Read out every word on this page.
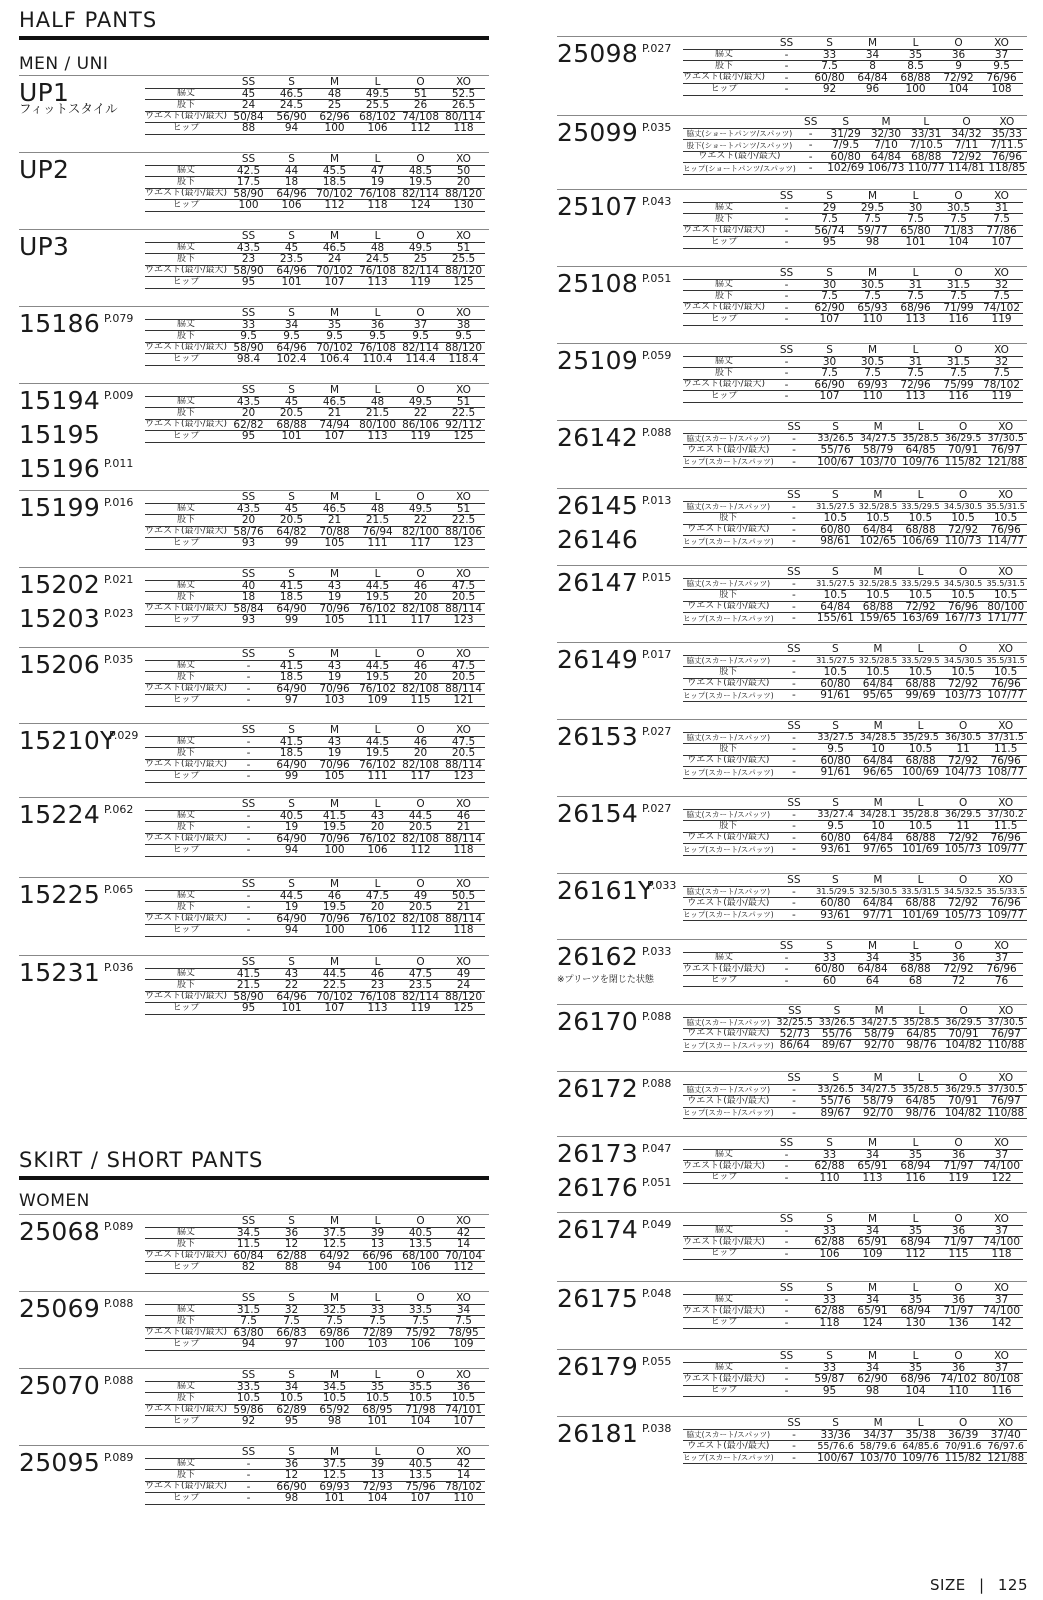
HALF PANTS
MEN / UNI
SKIRT / SHORT PANTS
WOMEN
UP1
フィットスタイル
	SS	S	M	L	O	XO
脇丈	45	46.5	48	49.5	51	52.5
股下	24	24.5	25	25.5	26	26.5
ウエスト(最小/最大)	50/84	56/90	62/96	68/102	74/108	80/114
ヒップ	88	94	100	106	112	118
UP2
		SS	S	M	L	O	XO
脇丈	42.5	44	45.5	47	48.5	50
股下	17.5	18	18.5	19	19.5	20
ウエスト(最小/最大)	58/90	64/96	70/102	76/108	82/114	88/120
ヒップ	100	106	112	118	124	130
UP3
		SS	S	M	L	O	XO
脇丈	43.5	45	46.5	48	49.5	51
股下	23	23.5	24	24.5	25	25.5
ウエスト(最小/最大)	58/90	64/96	70/102	76/108	82/114	88/120
ヒップ	95	101	107	113	119	125
15186 P.079
		SS	S	M	L	O	XO
脇丈	33	34	35	36	37	38
股下	9.5	9.5	9.5	9.5	9.5	9.5
ウエスト(最小/最大)	58/90	64/96	70/102	76/108	82/114	88/120
ヒップ	98.4	102.4	106.4	110.4	114.4	118.4
15194 P.009
15195
15196 P.011
	SS	S	M	L	O	XO
脇丈	43.5	45	46.5	48	49.5	51
股下	20	20.5	21	21.5	22	22.5
ウエスト(最小/最大)	62/82	68/88	74/94	80/100	86/106	92/112
ヒップ	95	101	107	113	119	125
15199 P.016
		SS	S	M	L	O	XO
脇丈	43.5	45	46.5	48	49.5	51
股下	20	20.5	21	21.5	22	22.5
ウエスト(最小/最大)	58/76	64/82	70/88	76/94	82/100	88/106
ヒップ	93	99	105	111	117	123
15202 P.021
15203 P.023
	SS	S	M	L	O	XO
脇丈	40	41.5	43	44.5	46	47.5
股下	18	18.5	19	19.5	20	20.5
ウエスト(最小/最大)	58/84	64/90	70/96	76/102	82/108	88/114
ヒップ	93	99	105	111	117	123
15206 P.035
		SS	S	M	L	O	XO
脇丈	-	41.5	43	44.5	46	47.5
股下	-	18.5	19	19.5	20	20.5
ウエスト(最小/最大)	-	64/90	70/96	76/102	82/108	88/114
ヒップ	-	97	103	109	115	121
15210Y
P.029
		SS	S	M	L	O	XO
脇丈	-	41.5	43	44.5	46	47.5
股下	-	18.5	19	19.5	20	20.5
ウエスト(最小/最大)	-	64/90	70/96	76/102	82/108	88/114
ヒップ	-	99	105	111	117	123
15224 P.062
		SS	S	M	L	O	XO
脇丈	-	40.5	41.5	43	44.5	46
股下	-	19	19.5	20	20.5	21
ウエスト(最小/最大)	-	64/90	70/96	76/102	82/108	88/114
ヒップ	-	94	100	106	112	118
15225 P.065
		SS	S	M	L	O	XO
脇丈	-	44.5	46	47.5	49	50.5
股下	-	19	19.5	20	20.5	21
ウエスト(最小/最大)	-	64/90	70/96	76/102	82/108	88/114
ヒップ	-	94	100	106	112	118
15231 P.036
		SS	S	M	L	O	XO
脇丈	41.5	43	44.5	46	47.5	49
股下	21.5	22	22.5	23	23.5	24
ウエスト(最小/最大)	58/90	64/96	70/102	76/108	82/114	88/120
ヒップ	95	101	107	113	119	125
25068 P.089
		SS	S	M	L	O	XO
脇丈	34.5	36	37.5	39	40.5	42
股下	11.5	12	12.5	13	13.5	14
ウエスト(最小/最大)	60/84	62/88	64/92	66/96	68/100	70/104
ヒップ	82	88	94	100	106	112
25069 P.088
		SS	S	M	L	O	XO
脇丈	31.5	32	32.5	33	33.5	34
股下	7.5	7.5	7.5	7.5	7.5	7.5
ウエスト(最小/最大)	63/80	66/83	69/86	72/89	75/92	78/95
ヒップ	94	97	100	103	106	109
25070 P.088
		SS	S	M	L	O	XO
脇丈	33.5	34	34.5	35	35.5	36
股下	10.5	10.5	10.5	10.5	10.5	10.5
ウエスト(最小/最大)	59/86	62/89	65/92	68/95	71/98	74/101
ヒップ	92	95	98	101	104	107
25095 P.089
		SS	S	M	L	O	XO
脇丈	-	36	37.5	39	40.5	42
股下	-	12	12.5	13	13.5	14
ウエスト(最小/最大)	-	66/90	69/93	72/93	75/96	78/102
ヒップ	-	98	101	104	107	110
25098 P.027
		SS	S	M	L	O	XO
脇丈	-	33	34	35	36	37
股下	-	7.5	8	8.5	9	9.5
ウエスト(最小/最大)	-	60/80	64/84	68/88	72/92	76/96
ヒップ	-	92	96	100	104	108
25099 P.035
		SS	S	M	L	O	XO
脇丈(ショートパンツ/スパッツ)	-	31/29	32/30	33/31	34/32	35/33
股下(ショートパンツ/スパッツ)	-	7/9.5	7/10	7/10.5	7/11	7/11.5
ウエスト(最小/最大)	-	60/80	64/84	68/88	72/92	76/96
ヒップ(ショートパンツ/スパッツ)	-	102/69	106/73	110/77	114/81	118/85
25107 P.043
		SS	S	M	L	O	XO
脇丈	-	29	29.5	30	30.5	31
股下	-	7.5	7.5	7.5	7.5	7.5
ウエスト(最小/最大)	-	56/74	59/77	65/80	71/83	77/86
ヒップ	-	95	98	101	104	107
25108 P.051
		SS	S	M	L	O	XO
脇丈	-	30	30.5	31	31.5	32
股下	-	7.5	7.5	7.5	7.5	7.5
ウエスト(最小/最大)	-	62/90	65/93	68/96	71/99	74/102
ヒップ	-	107	110	113	116	119
25109 P.059
		SS	S	M	L	O	XO
脇丈	-	30	30.5	31	31.5	32
股下	-	7.5	7.5	7.5	7.5	7.5
ウエスト(最小/最大)	-	66/90	69/93	72/96	75/99	78/102
ヒップ	-	107	110	113	116	119
26142 P.088
		SS	S	M	L	O	XO
脇丈(スカート/スパッツ)	-	33/26.5	34/27.5	35/28.5	36/29.5	37/30.5
ウエスト(最小/最大)	-	55/76	58/79	64/85	70/91	76/97
ヒップ(スカート/スパッツ)	-	100/67	103/70	109/76	115/82	121/88
26145 P.013
26146
	SS	S	M	L	O	XO
脇丈(スカート/スパッツ)	-	31.5/27.5	32.5/28.5	33.5/29.5	34.5/30.5	35.5/31.5
股下	-	10.5	10.5	10.5	10.5	10.5
ウエスト(最小/最大)	-	60/80	64/84	68/88	72/92	76/96
ヒップ(スカート/スパッツ)	-	98/61	102/65	106/69	110/73	114/77
26147 P.015
		SS	S	M	L	O	XO
脇丈(スカート/スパッツ)	-	31.5/27.5	32.5/28.5	33.5/29.5	34.5/30.5	35.5/31.5
股下	-	10.5	10.5	10.5	10.5	10.5
ウエスト(最小/最大)	-	64/84	68/88	72/92	76/96	80/100
ヒップ(スカート/スパッツ)	-	155/61	159/65	163/69	167/73	171/77
26149 P.017
		SS	S	M	L	O	XO
脇丈(スカート/スパッツ)	-	31.5/27.5	32.5/28.5	33.5/29.5	34.5/30.5	35.5/31.5
股下	-	10.5	10.5	10.5	10.5	10.5
ウエスト(最小/最大)	-	60/80	64/84	68/88	72/92	76/96
ヒップ(スカート/スパッツ)	-	91/61	95/65	99/69	103/73	107/77
26153 P.027
		SS	S	M	L	O	XO
脇丈(スカート/スパッツ)	-	33/27.5	34/28.5	35/29.5	36/30.5	37/31.5
股下	-	9.5	10	10.5	11	11.5
ウエスト(最小/最大)	-	60/80	64/84	68/88	72/92	76/96
ヒップ(スカート/スパッツ)	-	91/61	96/65	100/69	104/73	108/77
26154 P.027
		SS	S	M	L	O	XO
脇丈(スカート/スパッツ)	-	33/27.4	34/28.1	35/28.8	36/29.5	37/30.2
股下	-	9.5	10	10.5	11	11.5
ウエスト(最小/最大)	-	60/80	64/84	68/88	72/92	76/96
ヒップ(スカート/スパッツ)	-	93/61	97/65	101/69	105/73	109/77
26161Y
P.033
		SS	S	M	L	O	XO
脇丈(スカート/スパッツ)	-	31.5/29.5	32.5/30.5	33.5/31.5	34.5/32.5	35.5/33.5
ウエスト(最小/最大)	-	60/80	64/84	68/88	72/92	76/96
ヒップ(スカート/スパッツ)	-	93/61	97/71	101/69	105/73	109/77
26162 P.033
※プリーツを閉じた状態
	SS	S	M	L	O	XO
脇丈	-	33	34	35	36	37
ウエスト(最小/最大)	-	60/80	64/84	68/88	72/92	76/96
ヒップ	-	60	64	68	72	76
26170 P.088
		SS	S	M	L	O	XO
脇丈(スカート/スパッツ)	32/25.5	33/26.5	34/27.5	35/28.5	36/29.5	37/30.5
ウエスト(最小/最大)	52/73	55/76	58/79	64/85	70/91	76/97
ヒップ(スカート/スパッツ)	86/64	89/67	92/70	98/76	104/82	110/88
26172 P.088
		SS	S	M	L	O	XO
脇丈(スカート/スパッツ)	-	33/26.5	34/27.5	35/28.5	36/29.5	37/30.5
ウエスト(最小/最大)	-	55/76	58/79	64/85	70/91	76/97
ヒップ(スカート/スパッツ)	-	89/67	92/70	98/76	104/82	110/88
26173 P.047
26176 P.051
	SS	S	M	L	O	XO
脇丈	-	33	34	35	36	37
ウエスト(最小/最大)	-	62/88	65/91	68/94	71/97	74/100
ヒップ	-	110	113	116	119	122
26174 P.049
		SS	S	M	L	O	XO
脇丈	-	33	34	35	36	37
ウエスト(最小/最大)	-	62/88	65/91	68/94	71/97	74/100
ヒップ	-	106	109	112	115	118
26175 P.048
		SS	S	M	L	O	XO
脇丈	-	33	34	35	36	37
ウエスト(最小/最大)	-	62/88	65/91	68/94	71/97	74/100
ヒップ	-	118	124	130	136	142
26179 P.055
		SS	S	M	L	O	XO
脇丈	-	33	34	35	36	37
ウエスト(最小/最大)	-	59/87	62/90	68/96	74/102	80/108
ヒップ	-	95	98	104	110	116
26181 P.038
		SS	S	M	L	O	XO
脇丈(スカート/スパッツ)	-	33/36	34/37	35/38	36/39	37/40
ウエスト(最小/最大)	-	55/76.6	58/79.6	64/85.6	70/91.6	76/97.6
ヒップ(スカート/スパッツ)	-	100/67	103/70	109/76	115/82	121/88
SIZE | 125
